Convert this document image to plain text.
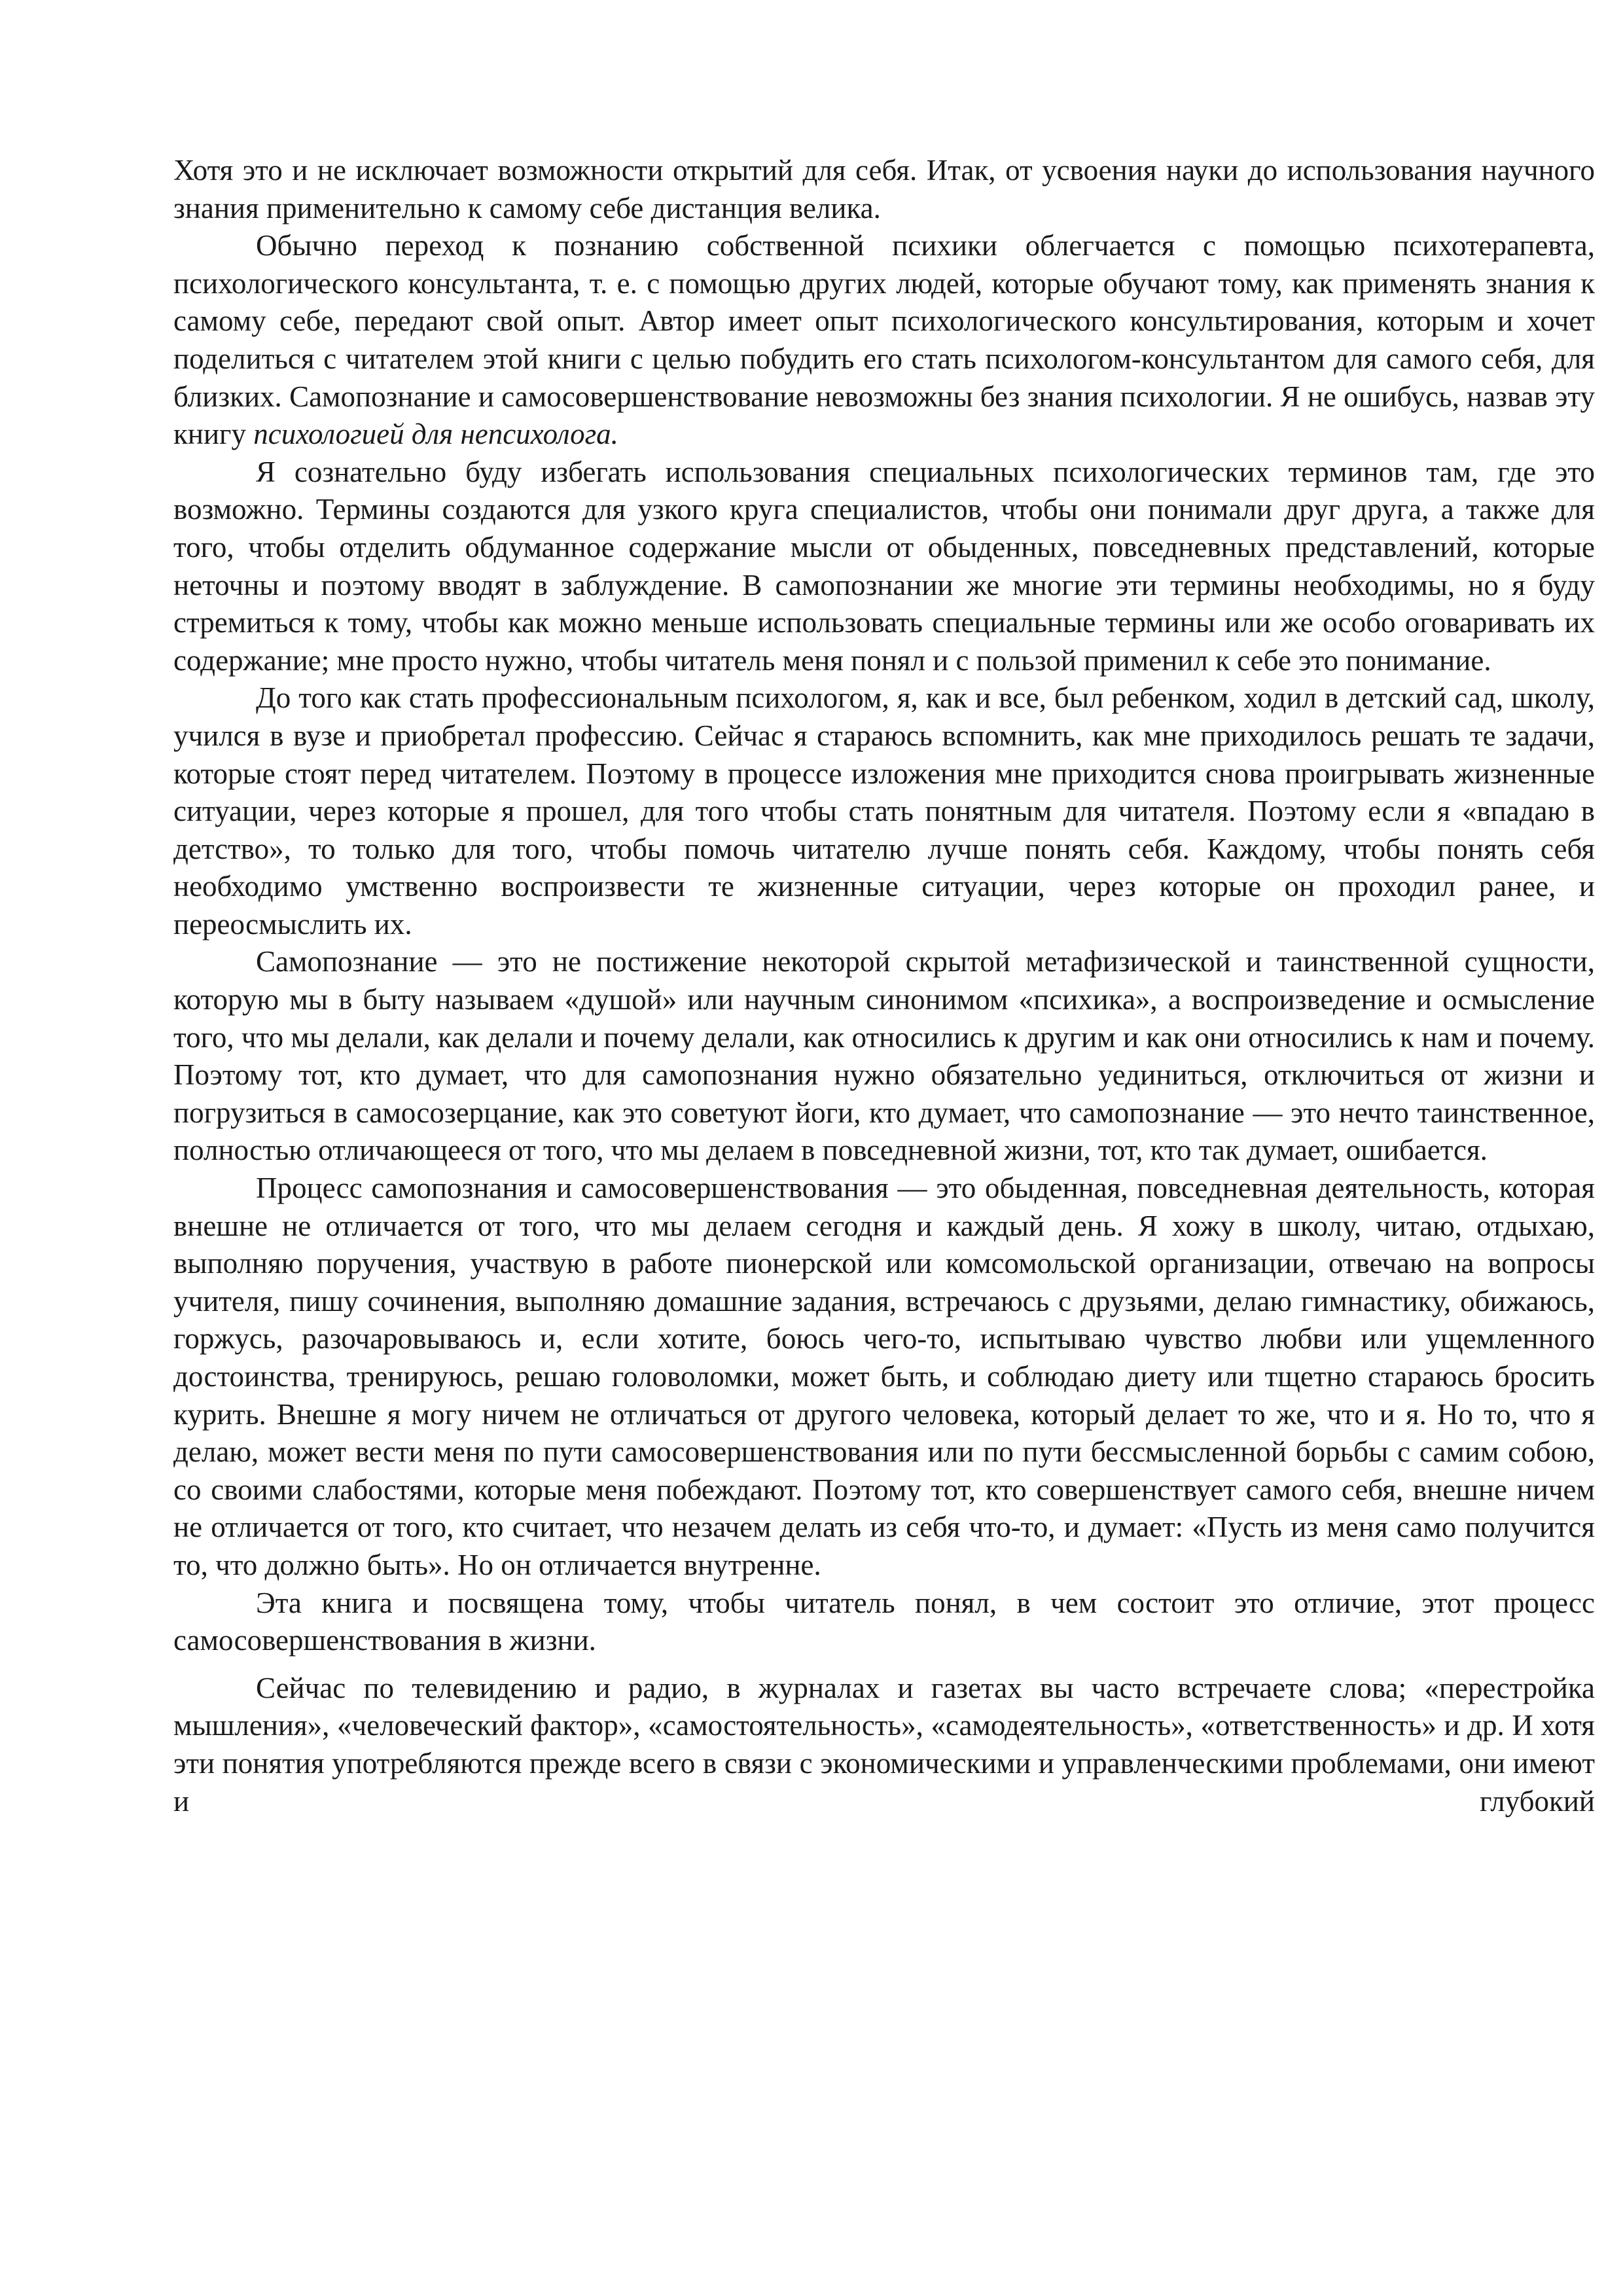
Хотя это и не исключает возможности открытий для себя. Итак, от усвоения науки до использования научного знания применительно к самому себе дистанция велика.

Обычно переход к познанию собственной психики облегчается с помощью психотерапевта, психологического консультанта, т. е. с помощью других людей, которые обучают тому, как применять знания к самому себе, передают свой опыт. Автор имеет опыт психологического консультирования, которым и хочет поделиться с читателем этой книги с целью побудить его стать психологом-консультантом для самого себя, для близких. Самопознание и самосовершенствование невозможны без знания психологии. Я не ошибусь, назвав эту книгу психологией для непсихолога.

Я сознательно буду избегать использования специальных психологических терминов там, где это возможно. Термины создаются для узкого круга специалистов, чтобы они понимали друг друга, а также для того, чтобы отделить обдуманное содержание мысли от обыденных, повседневных представлений, которые неточны и поэтому вводят в заблуждение. В самопознании же многие эти термины необходимы, но я буду стремиться к тому, чтобы как можно меньше использовать специальные термины или же особо оговаривать их содержание; мне просто нужно, чтобы читатель меня понял и с пользой применил к себе это понимание.

До того как стать профессиональным психологом, я, как и все, был ребенком, ходил в детский сад, школу, учился в вузе и приобретал профессию. Сейчас я стараюсь вспомнить, как мне приходилось решать те задачи, которые стоят перед читателем. Поэтому в процессе изложения мне приходится снова проигрывать жизненные ситуации, через которые я прошел, для того чтобы стать понятным для читателя. Поэтому если я «впадаю в детство», то только для того, чтобы помочь читателю лучше понять себя. Каждому, чтобы понять себя необходимо умственно воспроизвести те жизненные ситуации, через которые он проходил ранее, и переосмыслить их.

Самопознание — это не постижение некоторой скрытой метафизической и таинственной сущности, которую мы в быту называем «душой» или научным синонимом «психика», а воспроизведение и осмысление того, что мы делали, как делали и почему делали, как относились к другим и как они относились к нам и почему. Поэтому тот, кто думает, что для самопознания нужно обязательно уединиться, отключиться от жизни и погрузиться в самосозерцание, как это советуют йоги, кто думает, что самопознание — это нечто таинственное, полностью отличающееся от того, что мы делаем в повседневной жизни, тот, кто так думает, ошибается.

Процесс самопознания и самосовершенствования — это обыденная, повседневная деятельность, которая внешне не отличается от того, что мы делаем сегодня и каждый день. Я хожу в школу, читаю, отдыхаю, выполняю поручения, участвую в работе пионерской или комсомольской организации, отвечаю на вопросы учителя, пишу сочинения, выполняю домашние задания, встречаюсь с друзьями, делаю гимнастику, обижаюсь, горжусь, разочаровываюсь и, если хотите, боюсь чего-то, испытываю чувство любви или ущемленного достоинства, тренируюсь, решаю головоломки, может быть, и соблюдаю диету или тщетно стараюсь бросить курить. Внешне я могу ничем не отличаться от другого человека, который делает то же, что и я. Но то, что я делаю, может вести меня по пути самосовершенствования или по пути бессмысленной борьбы с самим собою, со своими слабостями, которые меня побеждают. Поэтому тот, кто совершенствует самого себя, внешне ничем не отличается от того, кто считает, что незачем делать из себя что-то, и думает: «Пусть из меня само получится то, что должно быть». Но он отличается внутренне.

Эта книга и посвящена тому, чтобы читатель понял, в чем состоит это отличие, этот процесс самосовершенствования в жизни.

Сейчас по телевидению и радио, в журналах и газетах вы часто встречаете слова; «перестройка мышления», «человеческий фактор», «самостоятельность», «самодеятельность», «ответственность» и др. И хотя эти понятия употребляются прежде всего в связи с экономическими и управленческими проблемами, они имеют и глубокий
